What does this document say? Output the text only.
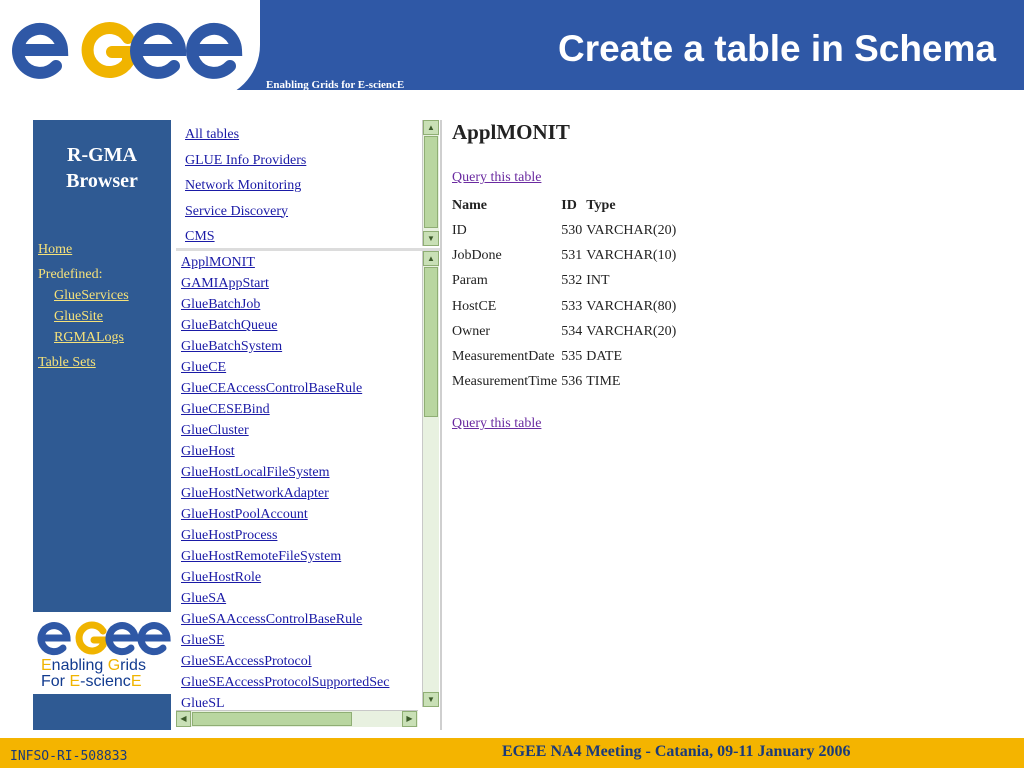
egee
Enabling Grids for E-sciencE
Create a table in Schema
R-GMA
Browser
Home
Predefined:
GlueServices
GlueSite
RGMALogs
Table Sets
egee
Enabling Grids
For E-sciencE
All tables
GLUE Info Providers
Network Monitoring
Service Discovery
CMS
▲
▼
ApplMONIT
GAMIAppStart
GlueBatchJob
GlueBatchQueue
GlueBatchSystem
GlueCE
GlueCEAccessControlBaseRule
GlueCESEBind
GlueCluster
GlueHost
GlueHostLocalFileSystem
GlueHostNetworkAdapter
GlueHostPoolAccount
GlueHostProcess
GlueHostRemoteFileSystem
GlueHostRole
GlueSA
GlueSAAccessControlBaseRule
GlueSE
GlueSEAccessProtocol
GlueSEAccessProtocolSupportedSec
GlueSL
▲
▼
◀	▶
ApplMONIT
Query this table
Name	ID	Type
ID	530	VARCHAR(20)
JobDone	531	VARCHAR(10)
Param	532	INT
HostCE	533	VARCHAR(80)
Owner	534	VARCHAR(20)
MeasurementDate	535	DATE
MeasurementTime	536	TIME
Query this table
INFSO-RI-508833	EGEE NA4 Meeting - Catania, 09-11 January 2006
